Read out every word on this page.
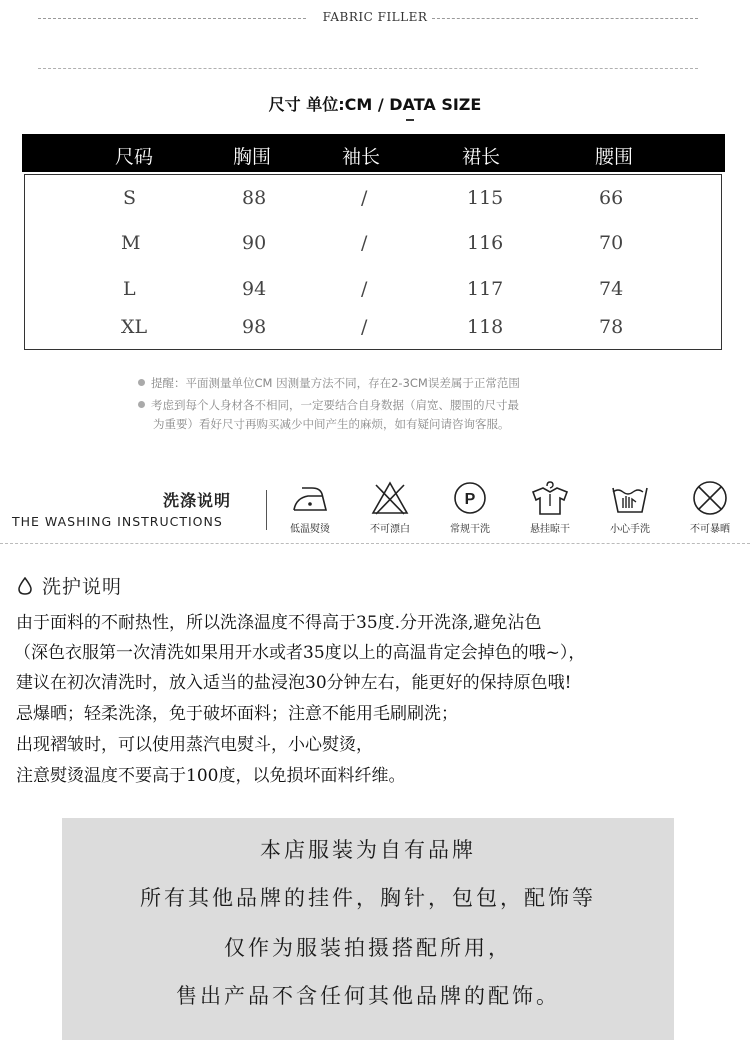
FABRIC FILLER
尺寸 单位:CM / DATA SIZE
尺码	胸围	袖长	裙长	腰围
S	88	/	115	66
M	90	/	116	70
L	94	/	117	74
XL	98	/	118	78
提醒：平面测量单位CM 因测量方法不同，存在2-3CM误差属于正常范围
考虑到每个人身材各不相同，一定要结合自身数据（肩宽、腰围的尺寸最
为重要）看好尺寸再购买减少中间产生的麻烦，如有疑问请咨询客服。
洗涤说明
THE WASHING INSTRUCTIONS
低温熨烫	不可漂白
P
常规干洗	悬挂晾干	小心手洗	不可暴晒
洗护说明
由于面料的不耐热性，所以洗涤温度不得高于35度.分开洗涤,避免沾色
（深色衣服第一次清洗如果用开水或者35度以上的高温肯定会掉色的哦~），
建议在初次清洗时，放入适当的盐浸泡30分钟左右，能更好的保持原色哦!
忌爆晒；轻柔洗涤，免于破坏面料；注意不能用毛刷刷洗；
出现褶皱时，可以使用蒸汽电熨斗，小心熨烫，
注意熨烫温度不要高于100度，以免损坏面料纤维。
本店服装为自有品牌
所有其他品牌的挂件，胸针，包包，配饰等
仅作为服装拍摄搭配所用，
售出产品不含任何其他品牌的配饰。
